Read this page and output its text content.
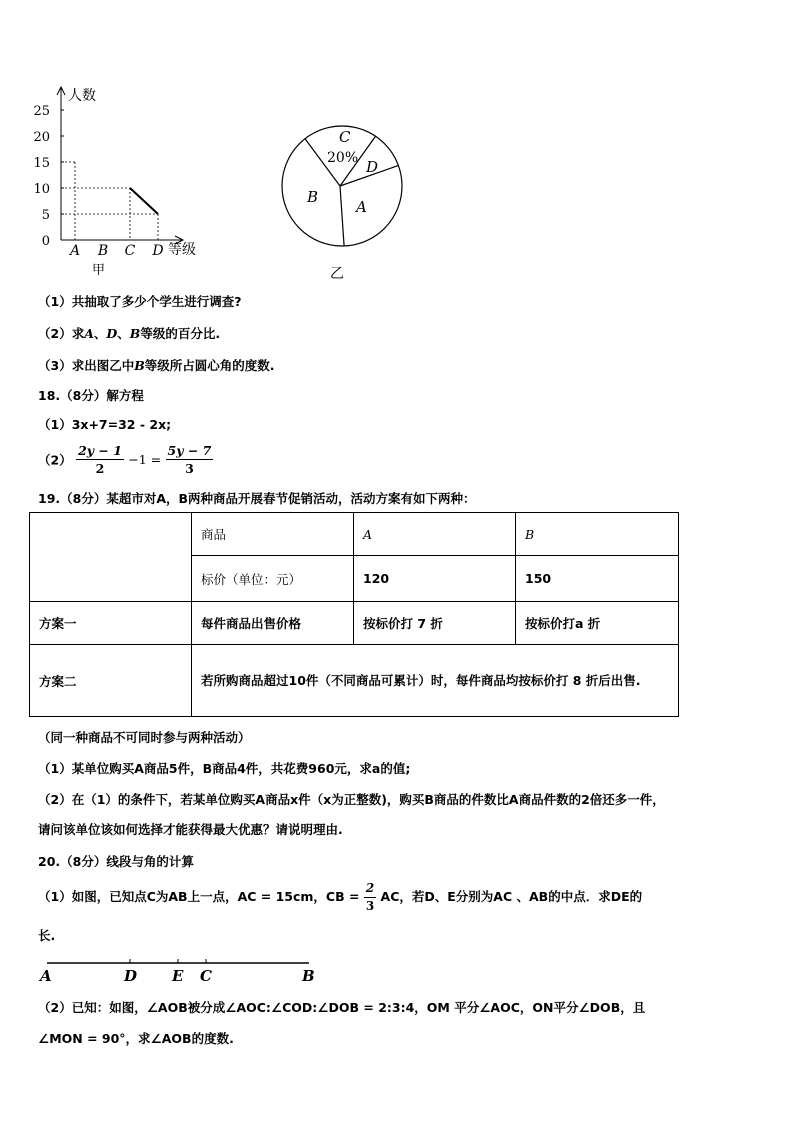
人数
0
5
10
15
20
25
A B C D 等级
甲
C
20% D
A
B
乙
（1）共抽取了多少个学生进行调查?
（2）求A、D、B等级的百分比.
（3）求出图乙中B等级所占圆心角的度数.
18.（8分）解方程
（1）3x+7=32 - 2x;
$(2) \frac{2y - 1}{2} -1 = \frac{5y - 7}{3}$
19.（8分）某超市对A，B两种商品开展春节促销活动，活动方案有如下两种：
	商品	A	B
	标价（单位：元）	120	150
方案一	每件商品出售价格	按标价打 7 折	按标价打a 折
方案二	若所购商品超过10件（不同商品可累计）时，每件商品均按标价打 8 折后出售.		
（同一种商品不可同时参与两种活动）
（1）某单位购买A商品5件，B商品4件，共花费960元，求a的值;
（2）在（1）的条件下，若某单位购买A商品x件（x为正整数)，购买B商品的件数比A商品件数的2倍还多一件，
请问该单位该如何选择才能获得最大优惠？请说明理由.
20.（8分）线段与角的计算
（1）如图，已知点C为AB上一点，AC = 15cm，CB = $\frac{2}{3}$ AC，若D、E分别为AC 、AB的中点．求DE的
长.
A	D E C	B
（2）已知：如图，∠AOB被分成∠AOC:∠COD:∠DOB = 2:3:4，OM 平分∠AOC，ON平分∠DOB，且
∠MON = 90°，求∠AOB的度数.
